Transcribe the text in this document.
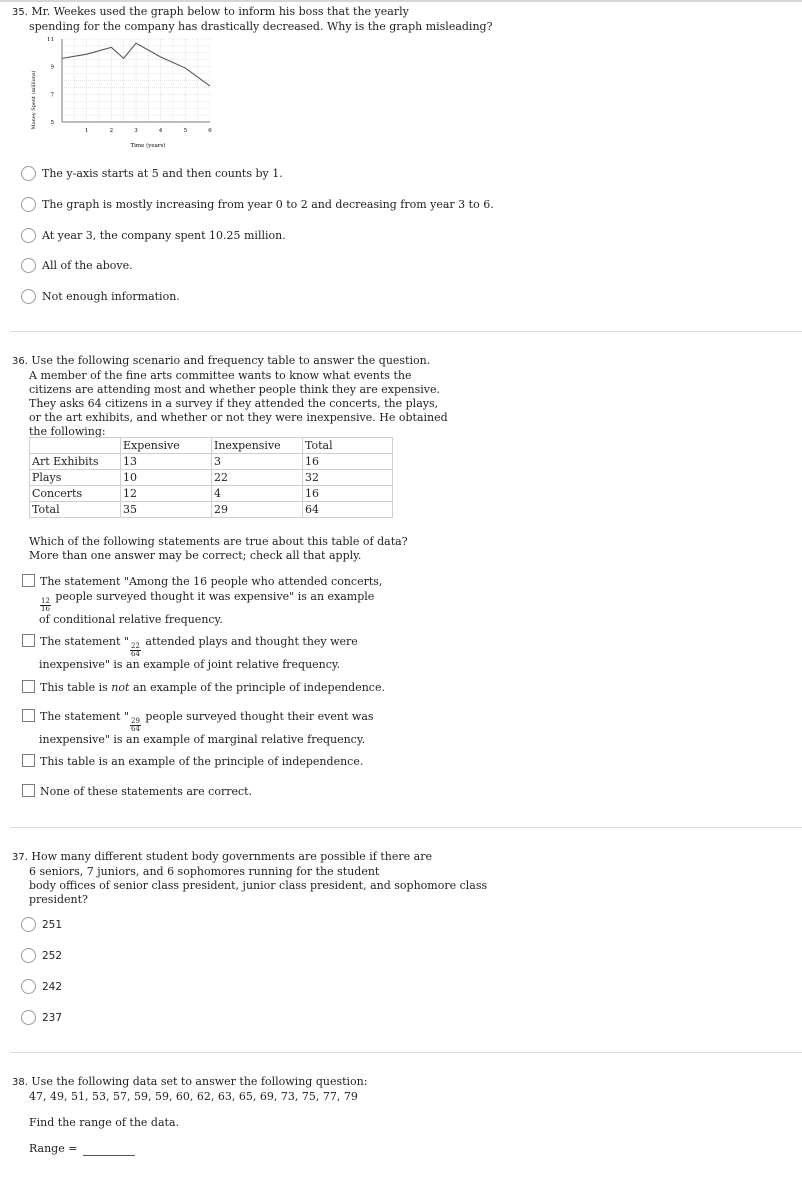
35. Mr. Weekes used the graph below to inform his boss that the yearly
spending for the company has drastically decreased. Why is the graph misleading?
5
7
9
11
1	2	3	4	5	6
Money Spent (millions)
Time (years)
The y-axis starts at 5 and then counts by 1.
The graph is mostly increasing from year 0 to 2 and decreasing from year 3 to 6.
At year 3, the company spent 10.25 million.
All of the above.
Not enough information.
36. Use the following scenario and frequency table to answer the question.
A member of the fine arts committee wants to know what events the
citizens are attending most and whether people think they are expensive.
They asks 64 citizens in a survey if they attended the concerts, the plays,
or the art exhibits, and whether or not they were inexpensive. He obtained
the following:
	Expensive	Inexpensive	Total
Art Exhibits	13	3	16
Plays	10	22	32
Concerts	12	4	16
Total	35	29	64
Which of the following statements are true about this table of data?
More than one answer may be correct; check all that apply.
The statement "Among the 16 people who attended concerts,

$\frac{12}{16}$
people surveyed thought it was expensive" is an example
of conditional relative frequency.
The statement "
$\frac{22}{64}$
attended plays and thought they were
inexpensive" is an example of joint relative frequency.
This table is not an example of the principle of independence.
The statement "
$\frac{29}{64}$
people surveyed thought their event was
inexpensive" is an example of marginal relative frequency.
This table is an example of the principle of independence.
None of these statements are correct.
37. How many different student body governments are possible if there are
6 seniors, 7 juniors, and 6 sophomores running for the student
body offices of senior class president, junior class president, and sophomore class
president?
251
252
242
237
38. Use the following data set to answer the following question:
47, 49, 51, 53, 57, 59, 59, 60, 62, 63, 65, 69, 73, 75, 77, 79
Find the range of the data.
Range =
